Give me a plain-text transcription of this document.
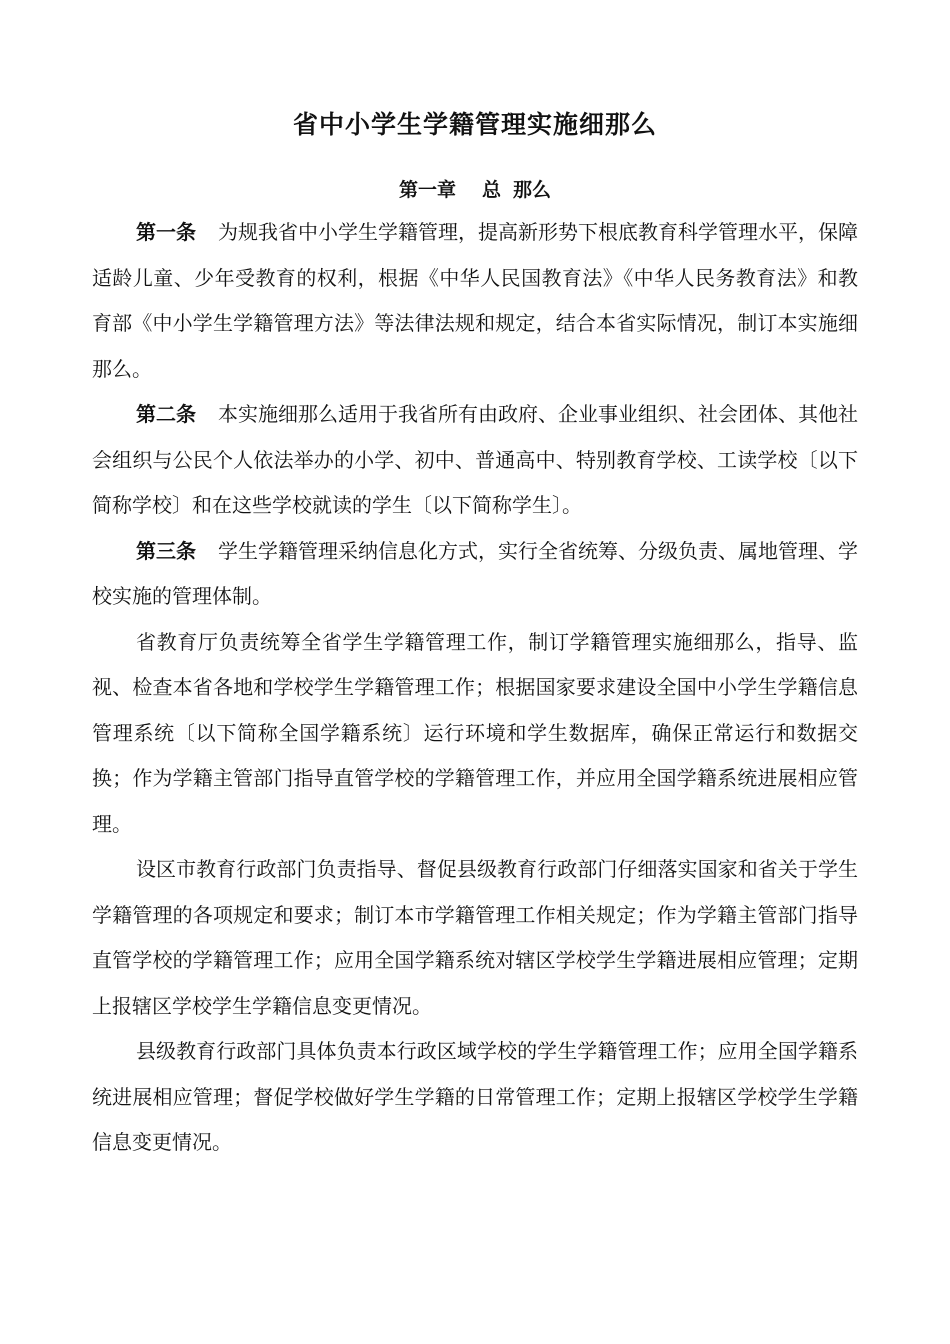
省中小学生学籍管理实施细那么
第一章 总 那么

第一条 为规我省中小学生学籍管理，提高新形势下根底教育科学管理水平，保障适龄儿童、少年受教育的权利，根据《中华人民国教育法》《中华人民务教育法》和教育部《中小学生学籍管理方法》等法律法规和规定，结合本省实际情况，制订本实施细那么。

第二条 本实施细那么适用于我省所有由政府、企业事业组织、社会团体、其他社会组织与公民个人依法举办的小学、初中、普通高中、特别教育学校、工读学校〔以下简称学校〕和在这些学校就读的学生〔以下简称学生〕。

第三条 学生学籍管理采纳信息化方式，实行全省统筹、分级负责、属地管理、学校实施的管理体制。

省教育厅负责统筹全省学生学籍管理工作，制订学籍管理实施细那么，指导、监视、检查本省各地和学校学生学籍管理工作；根据国家要求建设全国中小学生学籍信息管理系统〔以下简称全国学籍系统〕运行环境和学生数据库，确保正常运行和数据交换；作为学籍主管部门指导直管学校的学籍管理工作，并应用全国学籍系统进展相应管理。

设区市教育行政部门负责指导、督促县级教育行政部门仔细落实国家和省关于学生学籍管理的各项规定和要求；制订本市学籍管理工作相关规定；作为学籍主管部门指导直管学校的学籍管理工作；应用全国学籍系统对辖区学校学生学籍进展相应管理；定期上报辖区学校学生学籍信息变更情况。

县级教育行政部门具体负责本行政区域学校的学生学籍管理工作；应用全国学籍系统进展相应管理；督促学校做好学生学籍的日常管理工作；定期上报辖区学校学生学籍信息变更情况。
